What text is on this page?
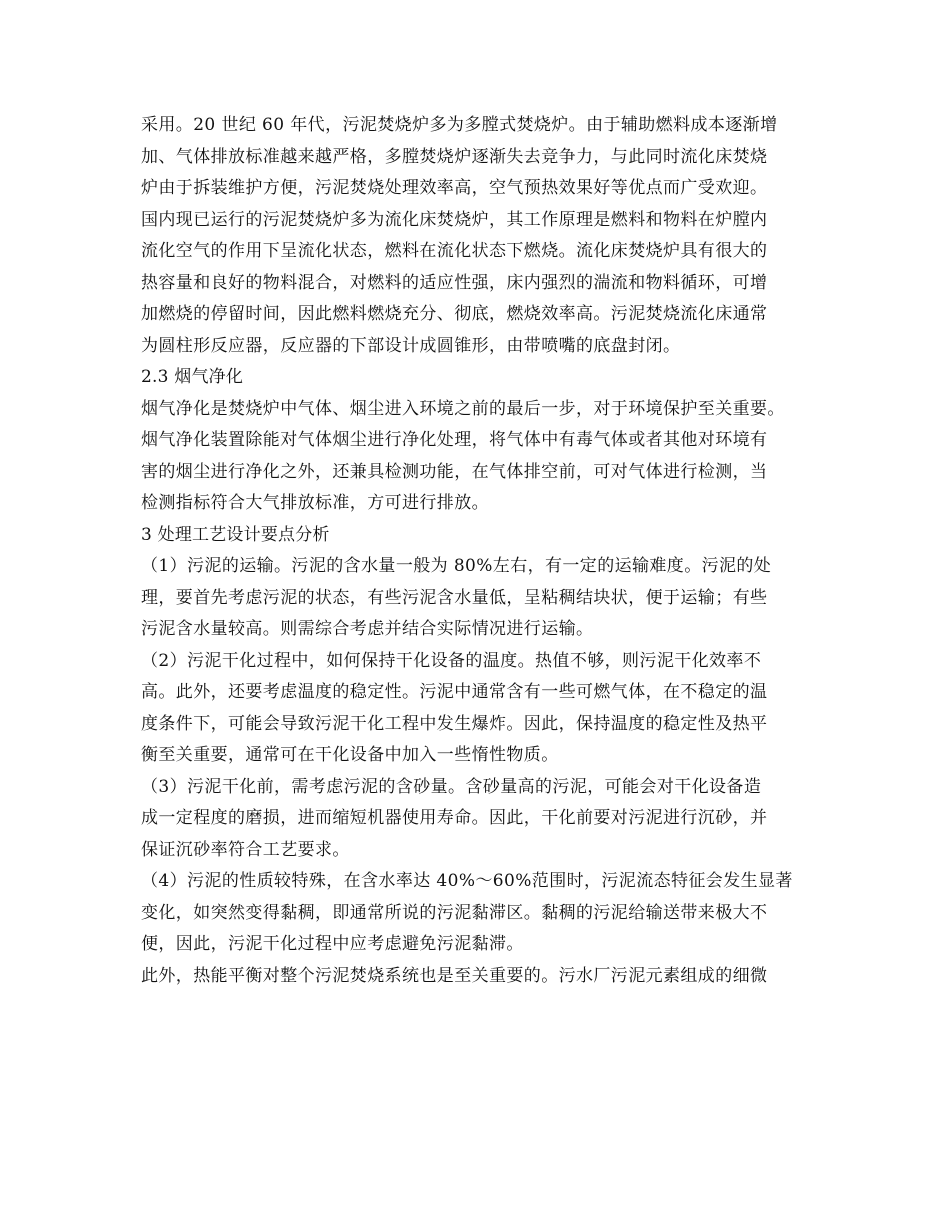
采用。20 世纪 60 年代，污泥焚烧炉多为多膛式焚烧炉。由于辅助燃料成本逐渐增
加、气体排放标准越来越严格，多膛焚烧炉逐渐失去竞争力，与此同时流化床焚烧
炉由于拆装维护方便，污泥焚烧处理效率高，空气预热效果好等优点而广受欢迎。
国内现已运行的污泥焚烧炉多为流化床焚烧炉，其工作原理是燃料和物料在炉膛内
流化空气的作用下呈流化状态，燃料在流化状态下燃烧。流化床焚烧炉具有很大的
热容量和良好的物料混合，对燃料的适应性强，床内强烈的湍流和物料循环，可增
加燃烧的停留时间，因此燃料燃烧充分、彻底，燃烧效率高。污泥焚烧流化床通常
为圆柱形反应器，反应器的下部设计成圆锥形，由带喷嘴的底盘封闭。
2.3 烟气净化
烟气净化是焚烧炉中气体、烟尘进入环境之前的最后一步，对于环境保护至关重要。
烟气净化装置除能对气体烟尘进行净化处理，将气体中有毒气体或者其他对环境有
害的烟尘进行净化之外，还兼具检测功能，在气体排空前，可对气体进行检测，当
检测指标符合大气排放标准，方可进行排放。
3 处理工艺设计要点分析
（1）污泥的运输。污泥的含水量一般为 80%左右，有一定的运输难度。污泥的处
理，要首先考虑污泥的状态，有些污泥含水量低，呈粘稠结块状，便于运输；有些
污泥含水量较高。则需综合考虑并结合实际情况进行运输。
（2）污泥干化过程中，如何保持干化设备的温度。热值不够，则污泥干化效率不
高。此外，还要考虑温度的稳定性。污泥中通常含有一些可燃气体，在不稳定的温
度条件下，可能会导致污泥干化工程中发生爆炸。因此，保持温度的稳定性及热平
衡至关重要，通常可在干化设备中加入一些惰性物质。
（3）污泥干化前，需考虑污泥的含砂量。含砂量高的污泥，可能会对干化设备造
成一定程度的磨损，进而缩短机器使用寿命。因此，干化前要对污泥进行沉砂，并
保证沉砂率符合工艺要求。
（4）污泥的性质较特殊，在含水率达 40%～60%范围时，污泥流态特征会发生显著
变化，如突然变得黏稠，即通常所说的污泥黏滞区。黏稠的污泥给输送带来极大不
便，因此，污泥干化过程中应考虑避免污泥黏滞。
此外，热能平衡对整个污泥焚烧系统也是至关重要的。污水厂污泥元素组成的细微
